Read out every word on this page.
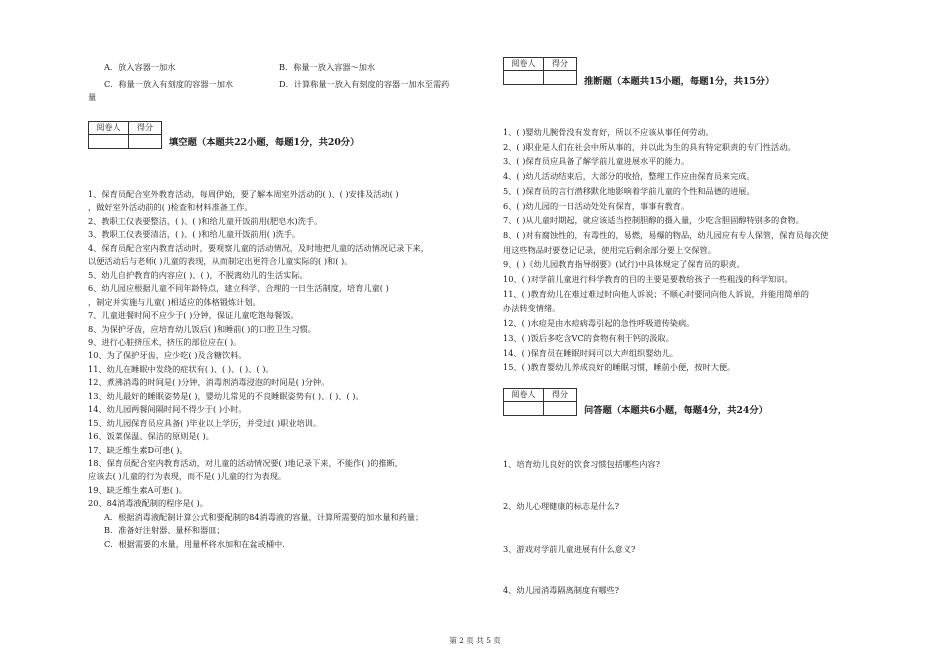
A．放入容器一加水	B．称量一放入容器～加水
C．称量一放入有刻度的容器一加水	D．计算称量一放入有刻度的容器一加水至需药
量
阅卷人	得分

填空题（本题共22小题，每题1分，共20分）
1、保育员配合室外教育活动，每周伊始，要了解本周室外活动的( )、( )安排及活动( )
，做好室外活动前的( )检查和材料准备工作。
2、教职工仪表要整洁，( )、( )和给儿童开饭前用(肥皂水)洗手。
3、教职工仪表要清洁，( )、( )和给儿童开饭前用( )洗手。
4、保育员配合室内教育活动时，要观察儿童的活动情况，及时地把儿童的活动情况记录下来，
以便活动后与老师( )儿童的表现，从而制定出更符合儿童实际的( )和( )。
5、幼儿自护教育的内容应( )、( )，不脱离幼儿的生活实际。
6、幼儿园应根据儿童不同年龄特点，建立科学、合理的一日生活制度，培育儿童( )
，制定并实施与儿童( )相适应的体格锻炼计划。
7、儿童进餐时间不应少于( )分钟，保证儿童吃饱每餐饭。
8、为保护牙齿，应培育幼儿饭后( )和睡前( )的口腔卫生习惯。
9、进行心脏挤压术，挤压的部位应在( )。
10、为了保护牙齿，应少吃( )及含糖饮料。
11、幼儿在睡眠中发绕的症状有( )、( )、( )、( )。
12、煮沸消毒的时间是( )分钟，消毒剂消毒浸泡的时间是( )分钟。
13、幼儿最好的睡眠姿势是( )，婴幼儿常见的不良睡眠姿势有( )、( )、( )。
14、幼儿园两餐间隔时间不得少于( )小时。
15、幼儿园保育员应具备( )毕业以上学历，并受过( )职业培训。
16、饭菜保温、保洁的原则是( )。
17、缺乏维生素D可患( )。
18、保育员配合室内教育活动，对儿童的活动情况要( )地记录下来，不能作( )的推断，
应该去( )儿童的行为表现，而不是( )儿童的行为表现。
19、缺乏维生素A可患( )。
20、84消毒液配制的程序是( )。
A．根据消毒液配制计算公式和要配制的84消毒液的容量，计算所需要的加水量和药量；
B．准备好注射器、量杯和器皿；
C．根据需要的水量，用量杯将水加和在盆或桶中.
阅卷人	得分

推断题（本题共15小题，每题1分，共15分）
1、( )婴幼儿腕骨没有发育好，所以不应该从事任何劳动。
2、( )职业是人们在社会中所从事的，并以此为生的具有特定职责的专门性活动。
3、( )保育员应具备了解学前儿童进展水平的能力。
4、( )幼儿活动结束后，大部分的收拾，整理工作应由保育员来完成。
5、( )保育员的言行潜移默化地影响着学前儿童的个性和品德的进展。
6、( )幼儿园的一日活动处处有保育，事事有教育。
7、( )从儿童时期起，就应该适当控制胆醇的摄入量，少吃含胆固醇特别多的食物。
8、( )对有腐蚀性的，有毒性的，易燃，易爆的物品，幼儿园应有专人保管，保育员每次使
用这些物品时要登记记录，使用完后剩余部分要上交保管。
9、( )《幼儿园教育指导纲要》(试行)中具体规定了保育员的职责。
10、( )对学前儿童进行科学教育的目的主要是要教给孩子一些粗浅的科学知识。
11、( )教育幼儿在难过难过时向他人诉说；不顺心时要同向他人诉说，并能用简单的
办法转变情绪。
12、( )水痘是由水痘病毒引起的急性呼吸道传染病。
13、( )饭后多吃含VC的食物有利于钙的汲取。
14、( )保育员在睡眠时间可以大声组织婴幼儿。
15、( )教育婴幼儿养成良好的睡眠习惯，睡前小便，按时大便。
阅卷人	得分

问答题（本题共6小题，每题4分，共24分）
1、培育幼儿良好的饮食习惯包括哪些内容?
2、幼儿心理健康的标志是什么?
3、游戏对学前儿童进展有什么意义?
4、幼儿园消毒隔离制度有哪些?
第 2 页 共 5 页
